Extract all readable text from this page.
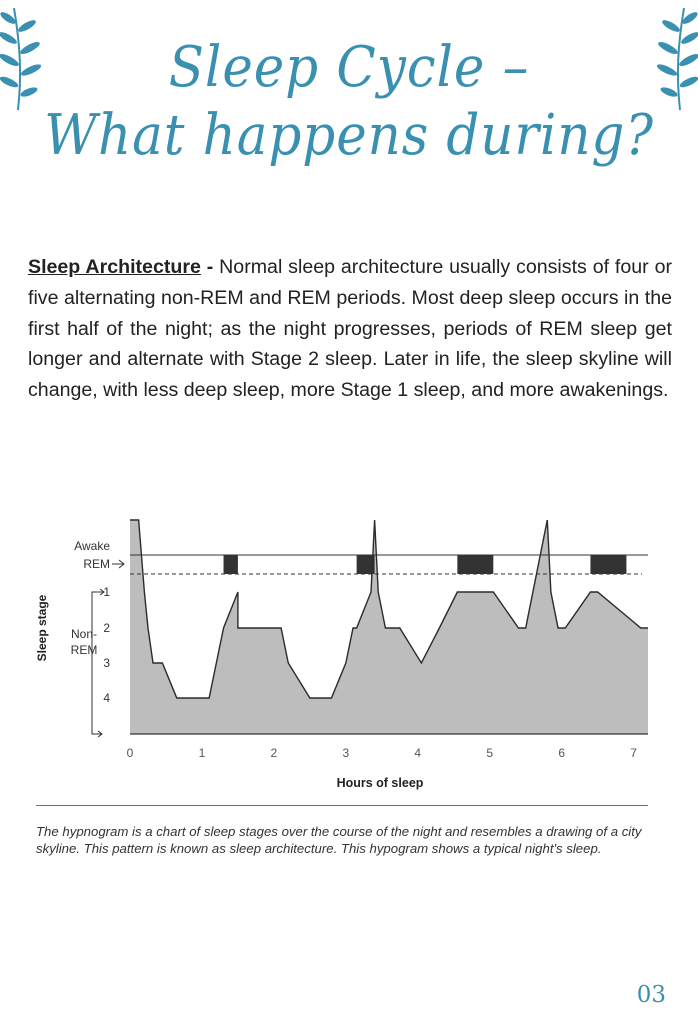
Sleep Cycle –
What happens during?
Sleep Architecture - Normal sleep architecture usually consists of four or five alternating non-REM and REM periods. Most deep sleep occurs in the first half of the night; as the night progresses, periods of REM sleep get longer and alternate with Stage 2 sleep. Later in life, the sleep skyline will change, with less deep sleep, more Stage 1 sleep, and more awakenings.
Awake
REM
1
2
3
4
Non-
REM
Sleep stage
0	1	2	3	4	5	6	7
Hours of sleep
The hypnogram is a chart of sleep stages over the course of the night and resembles a drawing of a city skyline. This pattern is known as sleep architecture. This hypogram shows a typical night's sleep.
03
